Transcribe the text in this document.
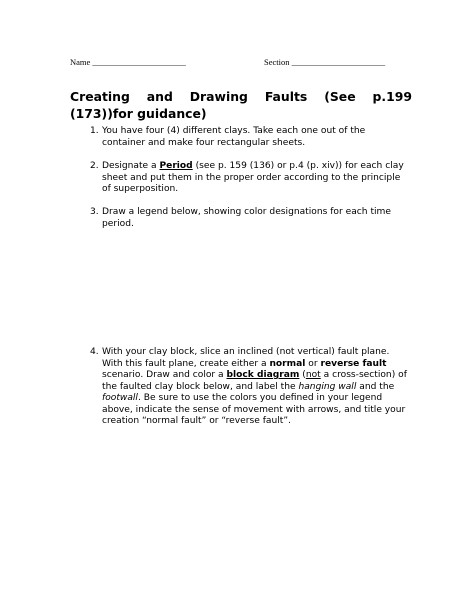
Name ______________________	Section ______________________
Creating and Drawing Faults (See p.199 (173))for guidance)
1. You have four (4) different clays. Take each one out of the container and make four rectangular sheets.
2. Designate a Period (see p. 159 (136) or p.4 (p. xiv)) for each clay sheet and put them in the proper order according to the principle of superposition.
3. Draw a legend below, showing color designations for each time period.
4. With your clay block, slice an inclined (not vertical) fault plane. With this fault plane, create either a normal or reverse fault scenario. Draw and color a block diagram (not a cross-section) of the faulted clay block below, and label the hanging wall and the footwall. Be sure to use the colors you defined in your legend above, indicate the sense of movement with arrows, and title your creation “normal fault” or “reverse fault”.
